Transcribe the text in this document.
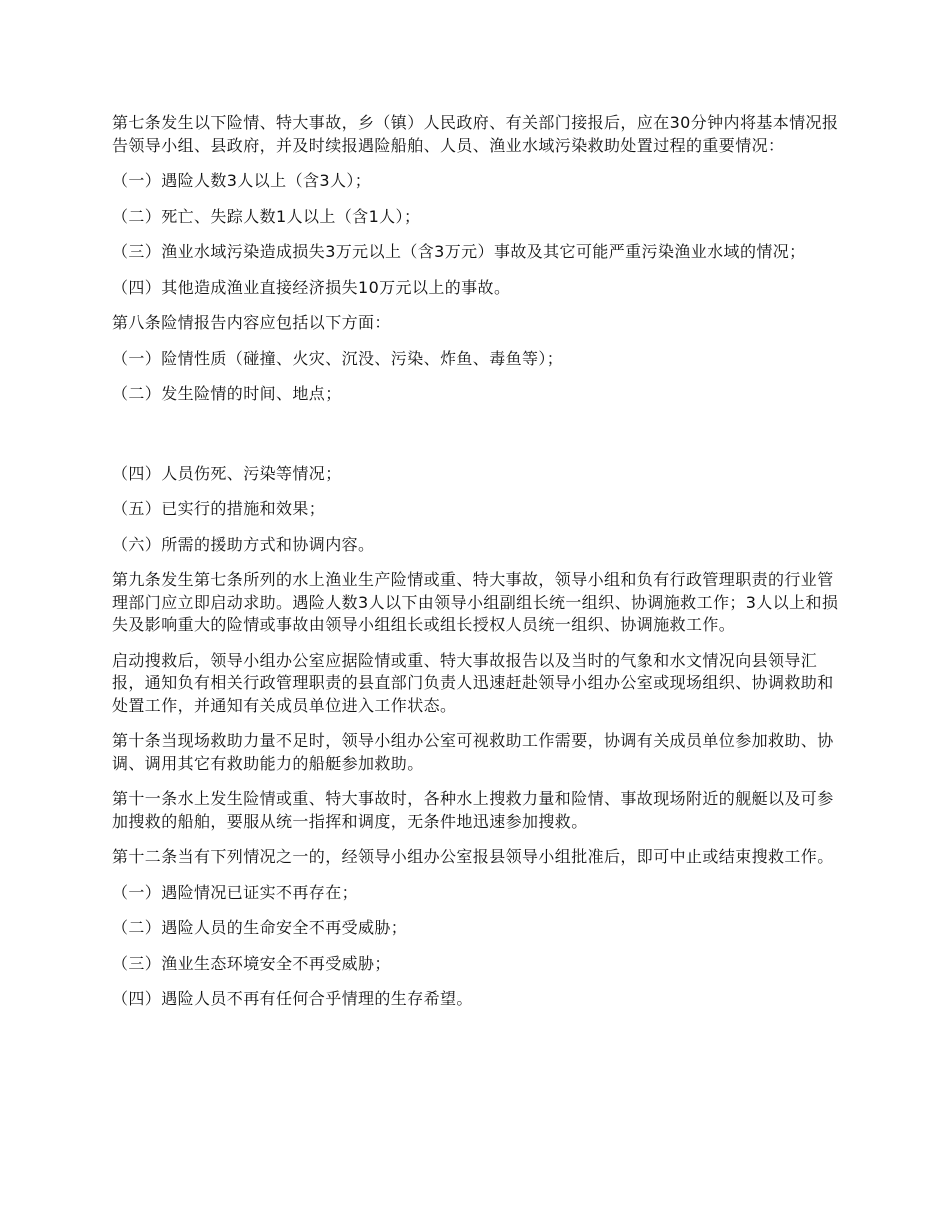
第七条发生以下险情、特大事故，乡（镇）人民政府、有关部门接报后，应在30分钟内将基本情况报告领导小组、县政府，并及时续报遇险船舶、人员、渔业水域污染救助处置过程的重要情况：

（一）遇险人数3人以上（含3人）；

（二）死亡、失踪人数1人以上（含1人）；

（三）渔业水域污染造成损失3万元以上（含3万元）事故及其它可能严重污染渔业水域的情况；

（四）其他造成渔业直接经济损失10万元以上的事故。

第八条险情报告内容应包括以下方面：

（一）险情性质（碰撞、火灾、沉没、污染、炸鱼、毒鱼等）；

（二）发生险情的时间、地点；

（四）人员伤死、污染等情况；

（五）已实行的措施和效果；

（六）所需的援助方式和协调内容。

第九条发生第七条所列的水上渔业生产险情或重、特大事故，领导小组和负有行政管理职责的行业管理部门应立即启动求助。遇险人数3人以下由领导小组副组长统一组织、协调施救工作；3人以上和损失及影响重大的险情或事故由领导小组组长或组长授权人员统一组织、协调施救工作。

启动搜救后，领导小组办公室应据险情或重、特大事故报告以及当时的气象和水文情况向县领导汇报，通知负有相关行政管理职责的县直部门负责人迅速赶赴领导小组办公室或现场组织、协调救助和处置工作，并通知有关成员单位进入工作状态。

第十条当现场救助力量不足时，领导小组办公室可视救助工作需要，协调有关成员单位参加救助、协调、调用其它有救助能力的船艇参加救助。

第十一条水上发生险情或重、特大事故时，各种水上搜救力量和险情、事故现场附近的舰艇以及可参加搜救的船舶，要服从统一指挥和调度，无条件地迅速参加搜救。

第十二条当有下列情况之一的，经领导小组办公室报县领导小组批准后，即可中止或结束搜救工作。

（一）遇险情况已证实不再存在；

（二）遇险人员的生命安全不再受威胁；

（三）渔业生态环境安全不再受威胁；

（四）遇险人员不再有任何合乎情理的生存希望。
